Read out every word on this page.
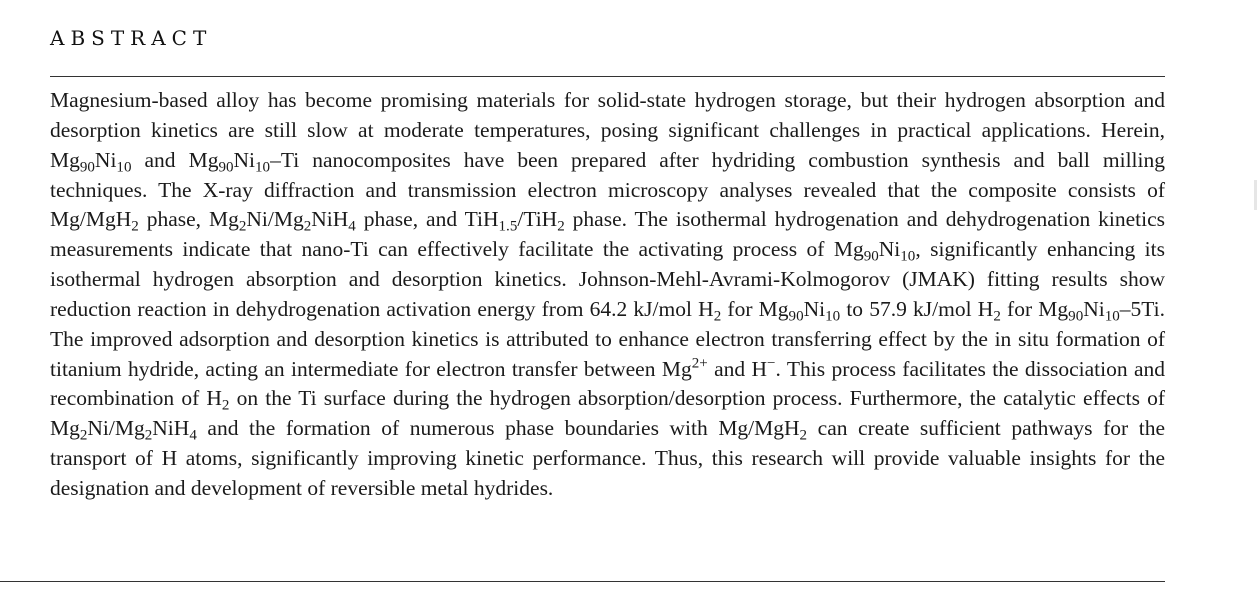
ABSTRACT

Magnesium-based alloy has become promising materials for solid-state hydrogen storage, but their hydrogen absorption and desorption kinetics are still slow at moderate temperatures, posing significant challenges in practical applications. Herein, $Mg_{90}Ni_{10}$ and $Mg_{90}Ni_{10}-Ti$ nanocomposites have been prepared after hydriding combustion synthesis and ball milling techniques. The X-ray diffraction and transmission electron microscopy analyses revealed that the composite consists of Mg/MgH$_2$ phase, $Mg_2Ni/Mg_2NiH_4$ phase, and TiH$_{1.5}$/TiH$_2$ phase. The isothermal hydrogenation and dehydrogenation kinetics measurements indicate that nano-Ti can effectively facilitate the activating process of $Mg_{90}Ni_{10}$, significantly enhancing its isothermal hydrogen absorption and desorption kinetics. Johnson-Mehl-Avrami-Kolmogorov (JMAK) fitting results show reduction reaction in dehydrogenation activation energy from 64.2 kJ/mol $H_2$ for $Mg_{90}Ni_{10}$ to 57.9 kJ/mol $H_2$ for $Mg_{90}Ni_{10}-5Ti$. The improved adsorption and desorption kinetics is attributed to enhance electron transferring effect by the in situ formation of titanium hydride, acting an intermediate for electron transfer between $Mg^{2+}$ and H−. This process facilitates the dissociation and recombination of $H_2$ on the Ti surface during the hydrogen absorption/desorption process. Furthermore, the catalytic effects of $Mg_2Ni/Mg_2NiH_4$ and the formation of numerous phase boundaries with Mg/MgH$_2$ can create sufficient pathways for the transport of H atoms, significantly improving kinetic performance. Thus, this research will provide valuable insights for the designation and development of reversible metal hydrides.
